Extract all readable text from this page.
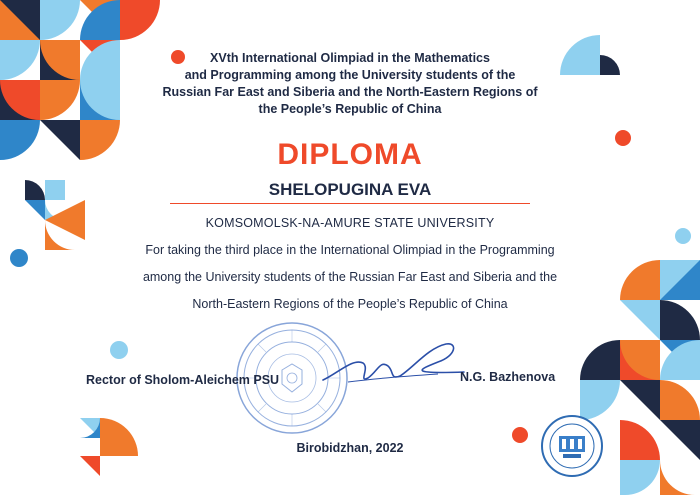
XVth International Olimpiad in the Mathematics
and Programming among the University students of the
Russian Far East and Siberia and the North-Eastern Regions of
the People’s Republic of China
DIPLOMA
SHELOPUGINA EVA
KOMSOMOLSK-NA-AMURE STATE UNIVERSITY
For taking the third place in the International Olimpiad in the Programming
among the University students of the Russian Far East and Siberia and the
North-Eastern Regions of the People’s Republic of China
Rector of Sholom-Aleichem PSU	N.G. Bazhenova
Birobidzhan, 2022
